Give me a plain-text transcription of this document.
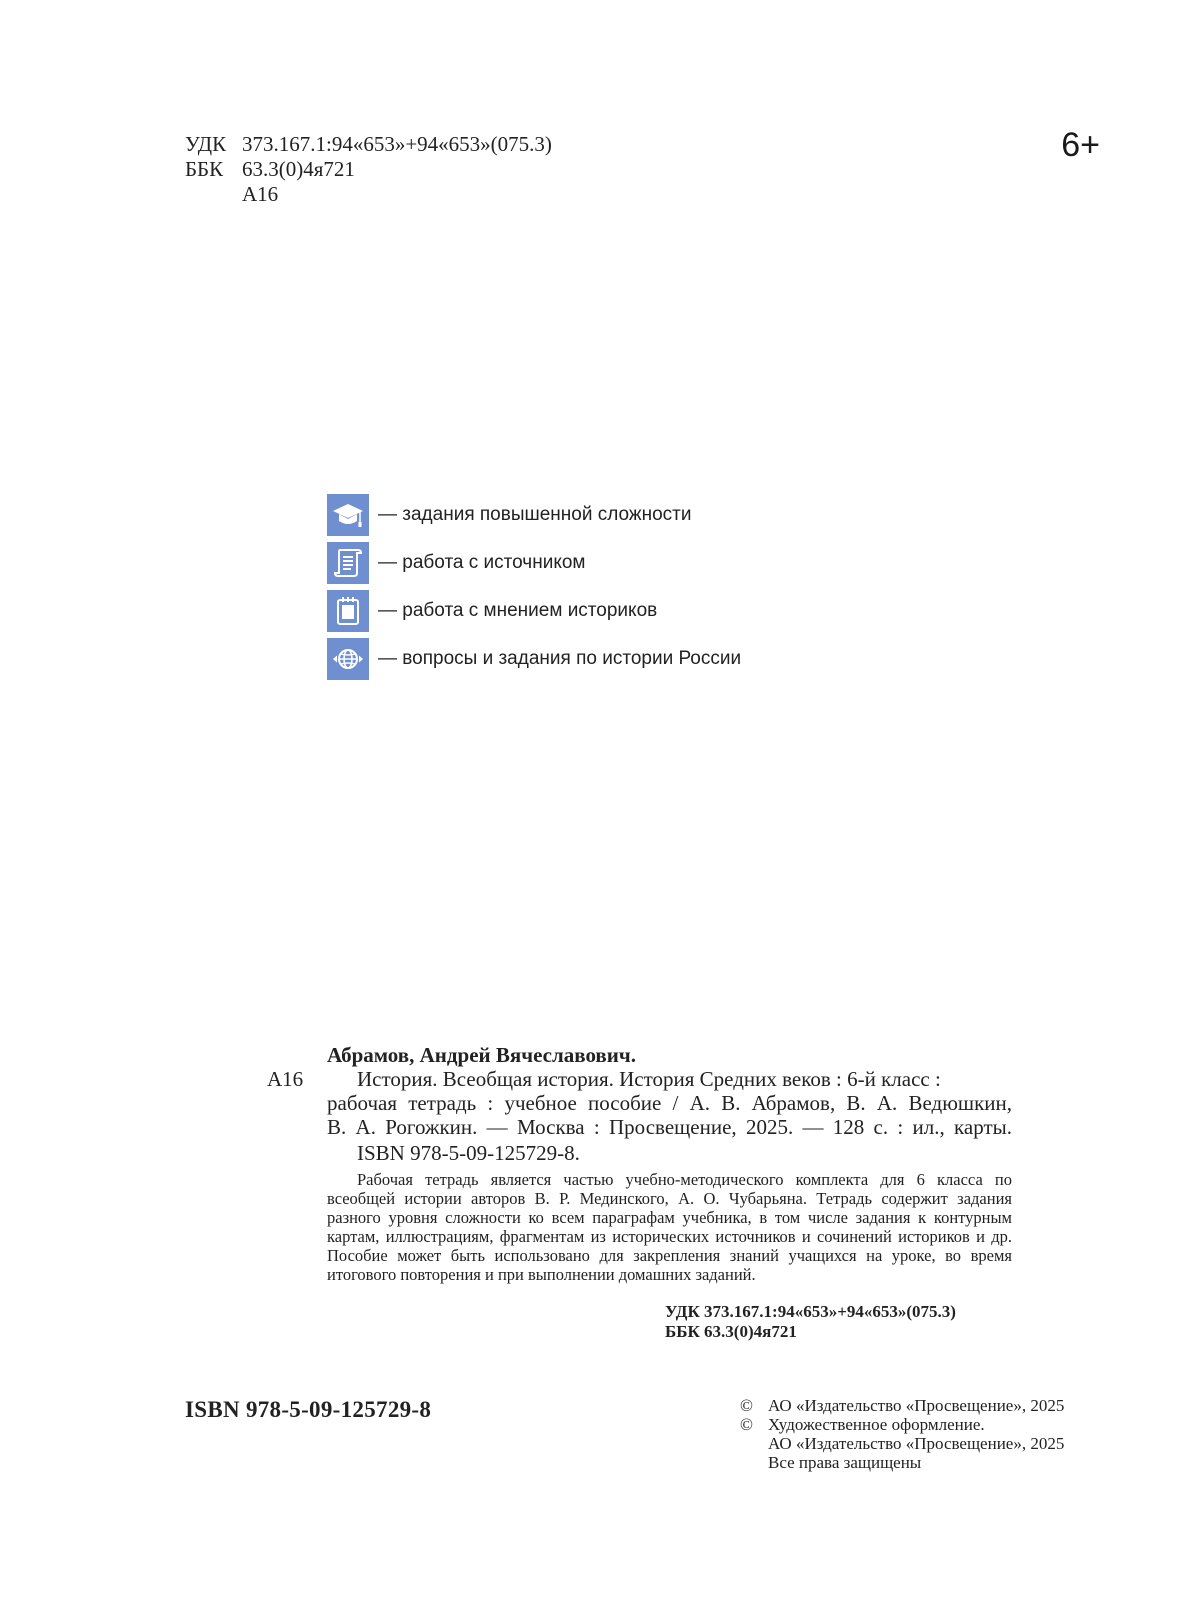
УДК 373.167.1:94«653»+94«653»(075.3)
ББК 63.3(0)4я721
А16
6+
— задания повышенной сложности
— работа с источником
— работа с мнением историков
— вопросы и задания по истории России
Абрамов, Андрей Вячеславович.
А16	История. Всеобщая история. История Средних веков : 6-й класс :
рабочая тетрадь : учебное пособие / А. В. Абрамов, В. А. Ведюшкин,
В. А. Рогожкин. — Москва : Просвещение, 2025. — 128 с. : ил., карты.
ISBN 978-5-09-125729-8.
Рабочая тетрадь является частью учебно-методического комплекта для 6 класса по всеобщей истории авторов В. Р. Мединского, А. О. Чубарьяна. Тетрадь содержит задания разного уровня сложности ко всем параграфам учебника, в том числе задания к контурным картам, иллюстрациям, фрагментам из исторических источников и сочинений историков и др. Пособие может быть использовано для закрепления знаний учащихся на уроке, во время итогового повторения и при выполнении домашних заданий.
УДК 373.167.1:94«653»+94«653»(075.3)
ББК 63.3(0)4я721
ISBN 978-5-09-125729-8	© АО «Издательство «Просвещение», 2025
© Художественное оформление.
АО «Издательство «Просвещение», 2025
Все права защищены
